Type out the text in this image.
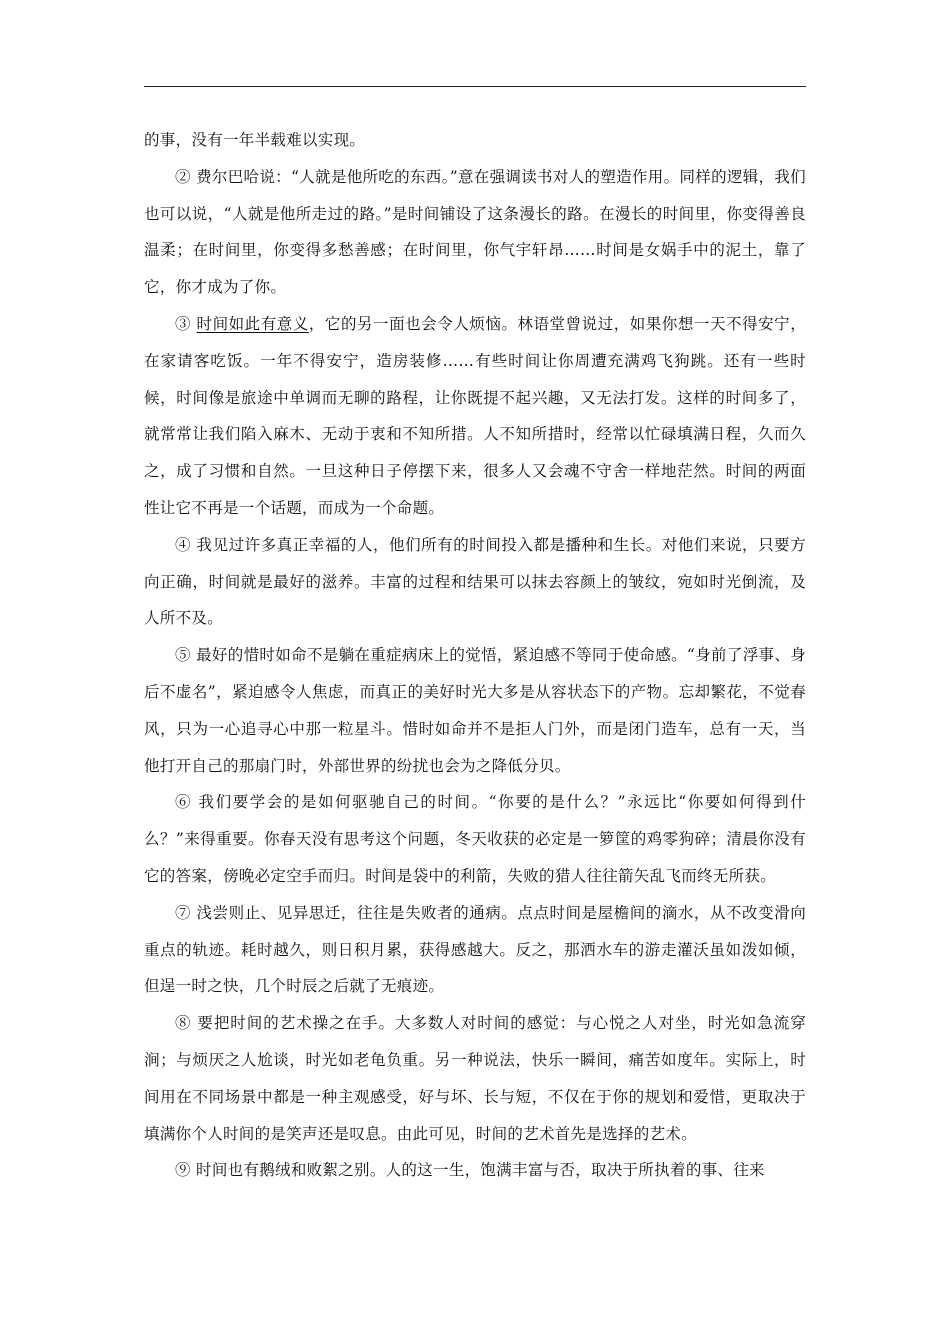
的事，没有一年半载难以实现。

② 费尔巴哈说：“人就是他所吃的东西。”意在强调读书对人的塑造作用。同样的逻辑，我们也可以说，“人就是他所走过的路。”是时间铺设了这条漫长的路。在漫长的时间里，你变得善良温柔；在时间里，你变得多愁善感；在时间里，你气宇轩昂……时间是女娲手中的泥土，靠了它，你才成为了你。

③ 时间如此有意义，它的另一面也会令人烦恼。林语堂曾说过，如果你想一天不得安宁，在家请客吃饭。一年不得安宁，造房装修……有些时间让你周遭充满鸡飞狗跳。还有一些时候，时间像是旅途中单调而无聊的路程，让你既提不起兴趣，又无法打发。这样的时间多了，就常常让我们陷入麻木、无动于衷和不知所措。人不知所措时，经常以忙碌填满日程，久而久之，成了习惯和自然。一旦这种日子停摆下来，很多人又会魂不守舍一样地茫然。时间的两面性让它不再是一个话题，而成为一个命题。

④ 我见过许多真正幸福的人，他们所有的时间投入都是播种和生长。对他们来说，只要方向正确，时间就是最好的滋养。丰富的过程和结果可以抹去容颜上的皱纹，宛如时光倒流，及人所不及。

⑤ 最好的惜时如命不是躺在重症病床上的觉悟，紧迫感不等同于使命感。“身前了浮事、身后不虚名”，紧迫感令人焦虑，而真正的美好时光大多是从容状态下的产物。忘却繁花，不觉春风，只为一心追寻心中那一粒星斗。惜时如命并不是拒人门外，而是闭门造车，总有一天，当他打开自己的那扇门时，外部世界的纷扰也会为之降低分贝。

⑥ 我们要学会的是如何驱驰自己的时间。“你要的是什么？”永远比“你要如何得到什么？”来得重要。你春天没有思考这个问题，冬天收获的必定是一箩筐的鸡零狗碎；清晨你没有它的答案，傍晚必定空手而归。时间是袋中的利箭，失败的猎人往往箭矢乱飞而终无所获。

⑦ 浅尝则止、见异思迁，往往是失败者的通病。点点时间是屋檐间的滴水，从不改变滑向重点的轨迹。耗时越久，则日积月累，获得感越大。反之，那洒水车的游走灌沃虽如泼如倾，但逞一时之快，几个时辰之后就了无痕迹。

⑧ 要把时间的艺术操之在手。大多数人对时间的感觉：与心悦之人对坐，时光如急流穿涧；与烦厌之人尬谈，时光如老龟负重。另一种说法，快乐一瞬间，痛苦如度年。实际上，时间用在不同场景中都是一种主观感受，好与坏、长与短，不仅在于你的规划和爱惜，更取决于填满你个人时间的是笑声还是叹息。由此可见，时间的艺术首先是选择的艺术。

⑨ 时间也有鹅绒和败絮之别。人的这一生，饱满丰富与否，取决于所执着的事、往来
